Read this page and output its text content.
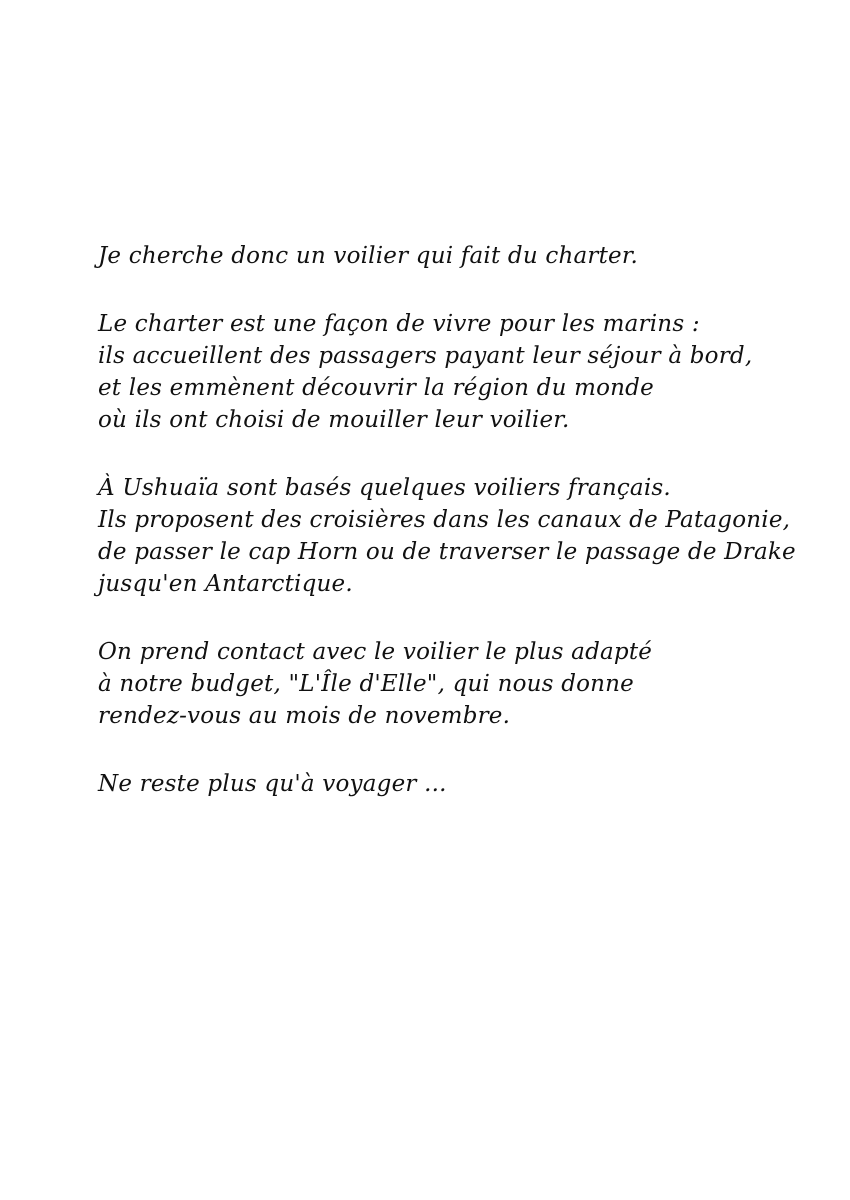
Je cherche donc un voilier qui fait du charter.

Le charter est une façon de vivre pour les marins :
ils accueillent des passagers payant leur séjour à bord,
et les emmènent découvrir la région du monde
où ils ont choisi de mouiller leur voilier.

À Ushuaïa sont basés quelques voiliers français.
Ils proposent des croisières dans les canaux de Patagonie,
de passer le cap Horn ou de traverser le passage de Drake
jusqu'en Antarctique.

On prend contact avec le voilier le plus adapté
à notre budget, "L'Île d'Elle", qui nous donne
rendez-vous au mois de novembre.

Ne reste plus qu'à voyager ...
